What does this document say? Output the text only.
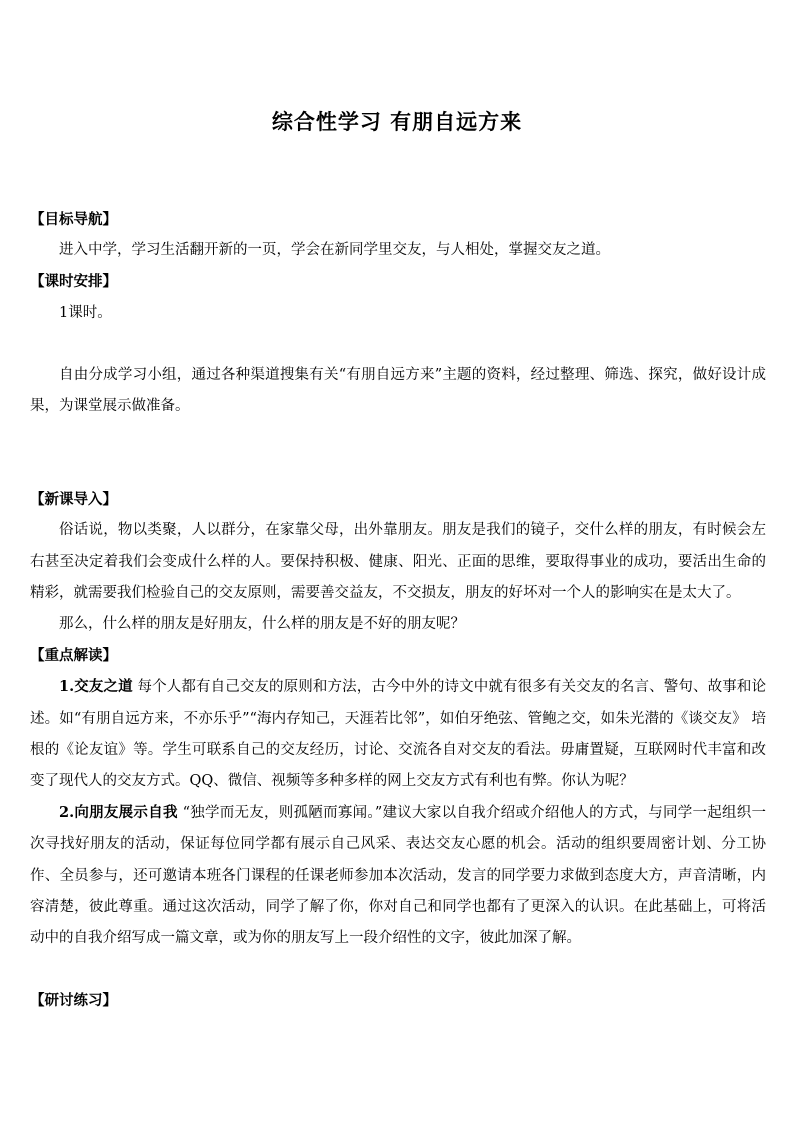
综合性学习 有朋自远方来

【目标导航】

进入中学，学习生活翻开新的一页，学会在新同学里交友，与人相处，掌握交友之道。

【课时安排】

1课时。

自由分成学习小组，通过各种渠道搜集有关“有朋自远方来”主题的资料，经过整理、筛选、探究，做好设计成果，为课堂展示做准备。

【新课导入】

俗话说，物以类聚，人以群分，在家靠父母，出外靠朋友。朋友是我们的镜子，交什么样的朋友，有时候会左右甚至决定着我们会变成什么样的人。要保持积极、健康、阳光、正面的思维，要取得事业的成功，要活出生命的精彩，就需要我们检验自己的交友原则，需要善交益友，不交损友，朋友的好坏对一个人的影响实在是太大了。

那么，什么样的朋友是好朋友，什么样的朋友是不好的朋友呢？

【重点解读】

1.交友之道 每个人都有自己交友的原则和方法，古今中外的诗文中就有很多有关交友的名言、警句、故事和论述。如“有朋自远方来，不亦乐乎”“海内存知己，天涯若比邻”，如伯牙绝弦、管鲍之交，如朱光潜的《谈交友》 培根的《论友谊》等。学生可联系自己的交友经历，讨论、交流各自对交友的看法。毋庸置疑，互联网时代丰富和改变了现代人的交友方式。QQ、微信、视频等多种多样的网上交友方式有利也有弊。你认为呢？

2.向朋友展示自我 “独学而无友，则孤陋而寡闻。”建议大家以自我介绍或介绍他人的方式，与同学一起组织一次寻找好朋友的活动，保证每位同学都有展示自己风采、表达交友心愿的机会。活动的组织要周密计划、分工协作、全员参与，还可邀请本班各门课程的任课老师参加本次活动，发言的同学要力求做到态度大方，声音清晰，内容清楚，彼此尊重。通过这次活动，同学了解了你，你对自己和同学也都有了更深入的认识。在此基础上，可将活动中的自我介绍写成一篇文章，或为你的朋友写上一段介绍性的文字，彼此加深了解。

【研讨练习】
